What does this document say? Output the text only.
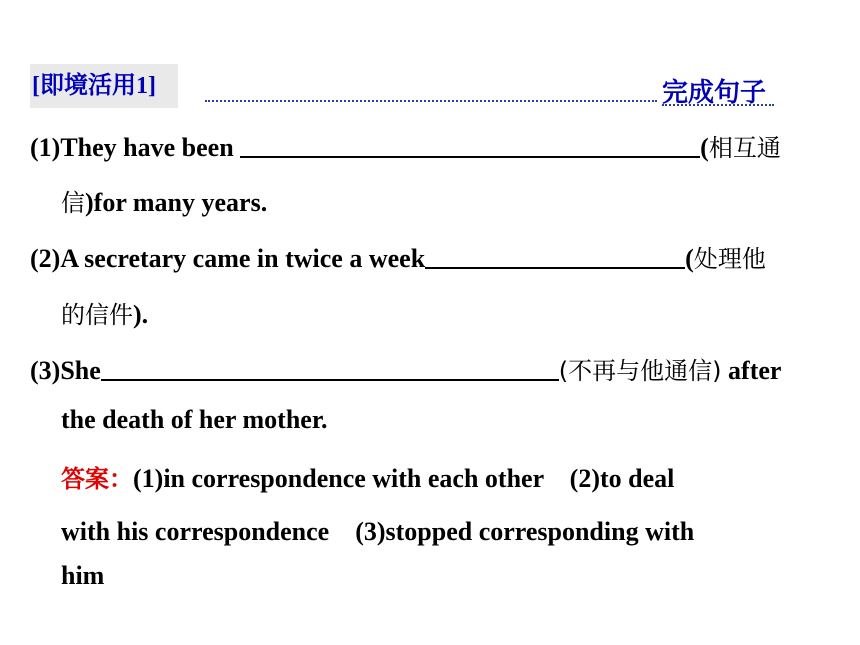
[即境活用1]	完成句子
(1)They have been	(相互通
信)for many years.
(2)A secretary came in twice a week	(处理他
的信件).
(3)She	(不再与他通信) after
the death of her mother.
答案：(1)in correspondence with each other　(2)to deal
with his correspondence　(3)stopped corresponding with
him
